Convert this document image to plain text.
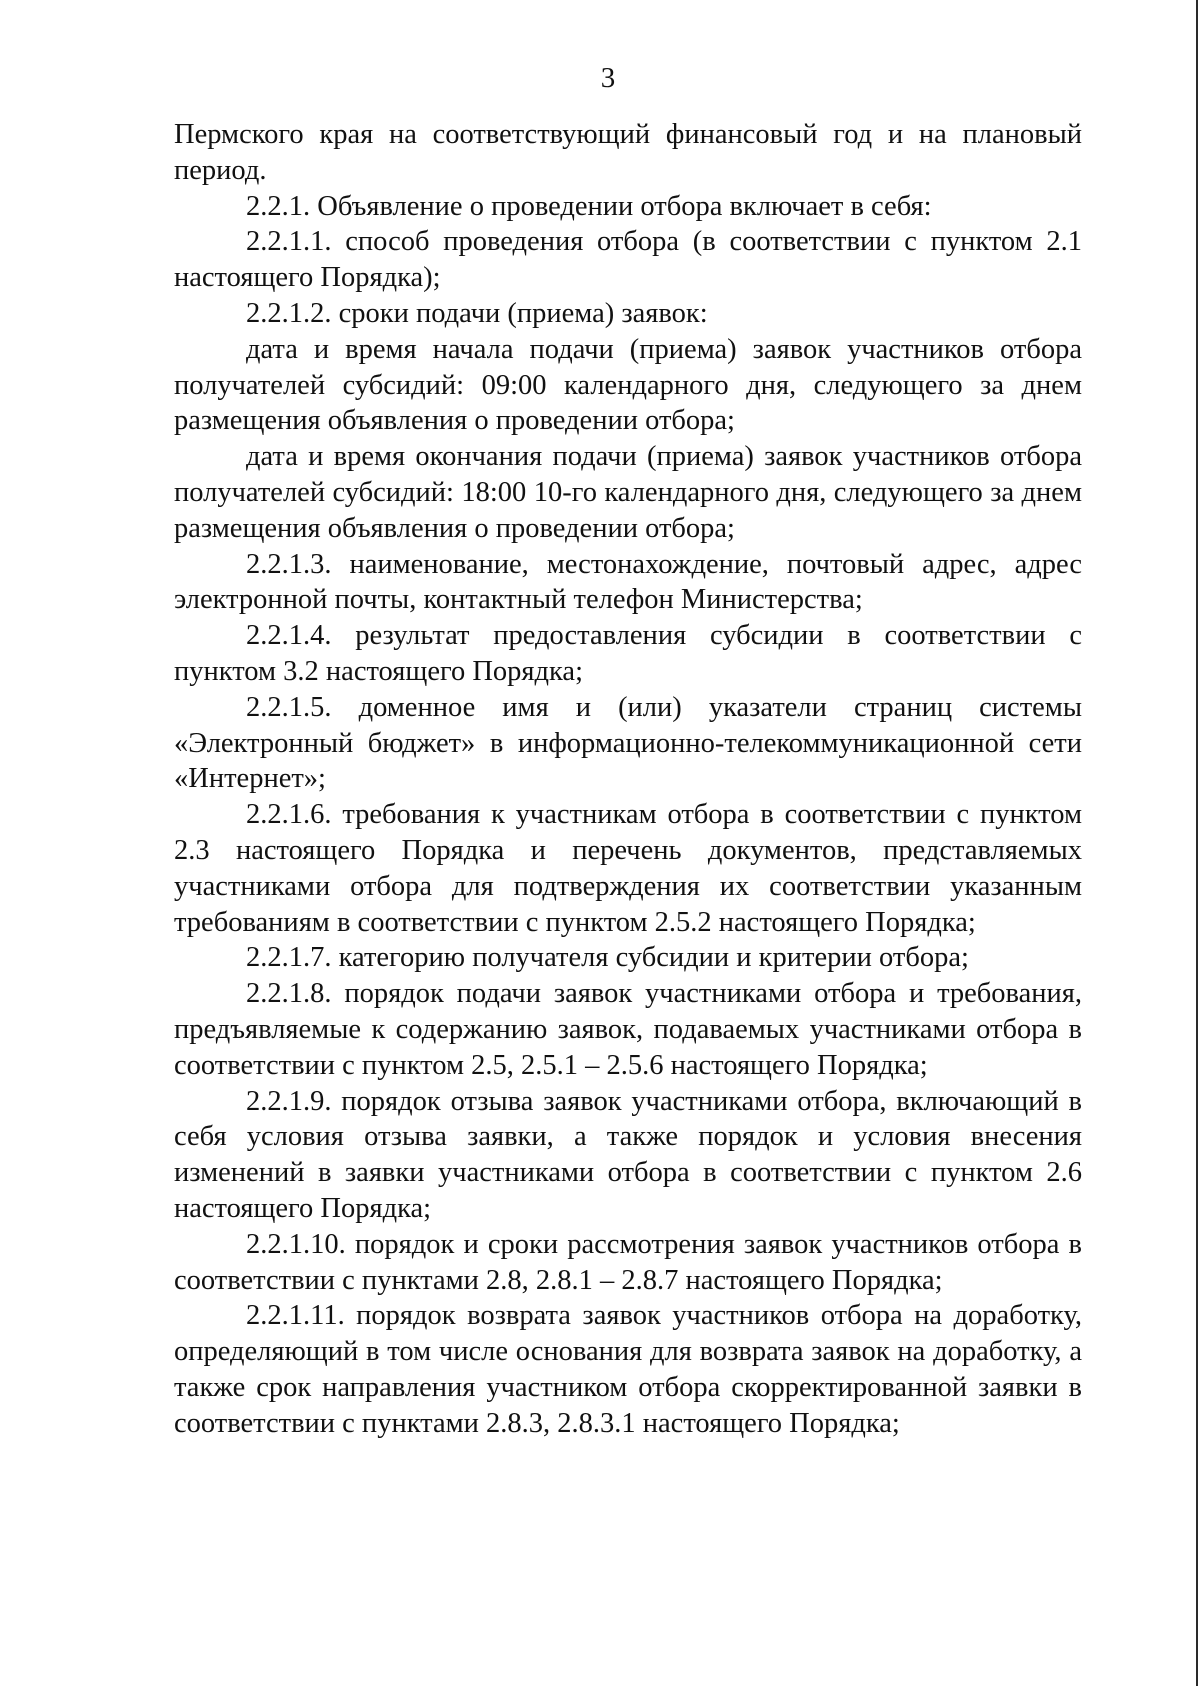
3

Пермского края на соответствующий финансовый год и на плановый период.

2.2.1. Объявление о проведении отбора включает в себя:

2.2.1.1. способ проведения отбора (в соответствии с пунктом 2.1 настоящего Порядка);

2.2.1.2. сроки подачи (приема) заявок:

дата и время начала подачи (приема) заявок участников отбора получателей субсидий: 09:00 календарного дня, следующего за днем размещения объявления о проведении отбора;

дата и время окончания подачи (приема) заявок участников отбора получателей субсидий: 18:00 10-го календарного дня, следующего за днем размещения объявления о проведении отбора;

2.2.1.3. наименование, местонахождение, почтовый адрес, адрес электронной почты, контактный телефон Министерства;

2.2.1.4. результат предоставления субсидии в соответствии с пунктом 3.2 настоящего Порядка;

2.2.1.5. доменное имя и (или) указатели страниц системы «Электронный бюджет» в информационно-телекоммуникационной сети «Интернет»;

2.2.1.6. требования к участникам отбора в соответствии с пунктом 2.3 настоящего Порядка и перечень документов, представляемых участниками отбора для подтверждения их соответствии указанным требованиям в соответствии с пунктом 2.5.2 настоящего Порядка;

2.2.1.7. категорию получателя субсидии и критерии отбора;

2.2.1.8. порядок подачи заявок участниками отбора и требования, предъявляемые к содержанию заявок, подаваемых участниками отбора в соответствии с пунктом 2.5, 2.5.1 – 2.5.6 настоящего Порядка;

2.2.1.9. порядок отзыва заявок участниками отбора, включающий в себя условия отзыва заявки, а также порядок и условия внесения изменений в заявки участниками отбора в соответствии с пунктом 2.6 настоящего Порядка;

2.2.1.10. порядок и сроки рассмотрения заявок участников отбора в соответствии с пунктами 2.8, 2.8.1 – 2.8.7 настоящего Порядка;

2.2.1.11. порядок возврата заявок участников отбора на доработку, определяющий в том числе основания для возврата заявок на доработку, а также срок направления участником отбора скорректированной заявки в соответствии с пунктами 2.8.3, 2.8.3.1 настоящего Порядка;
